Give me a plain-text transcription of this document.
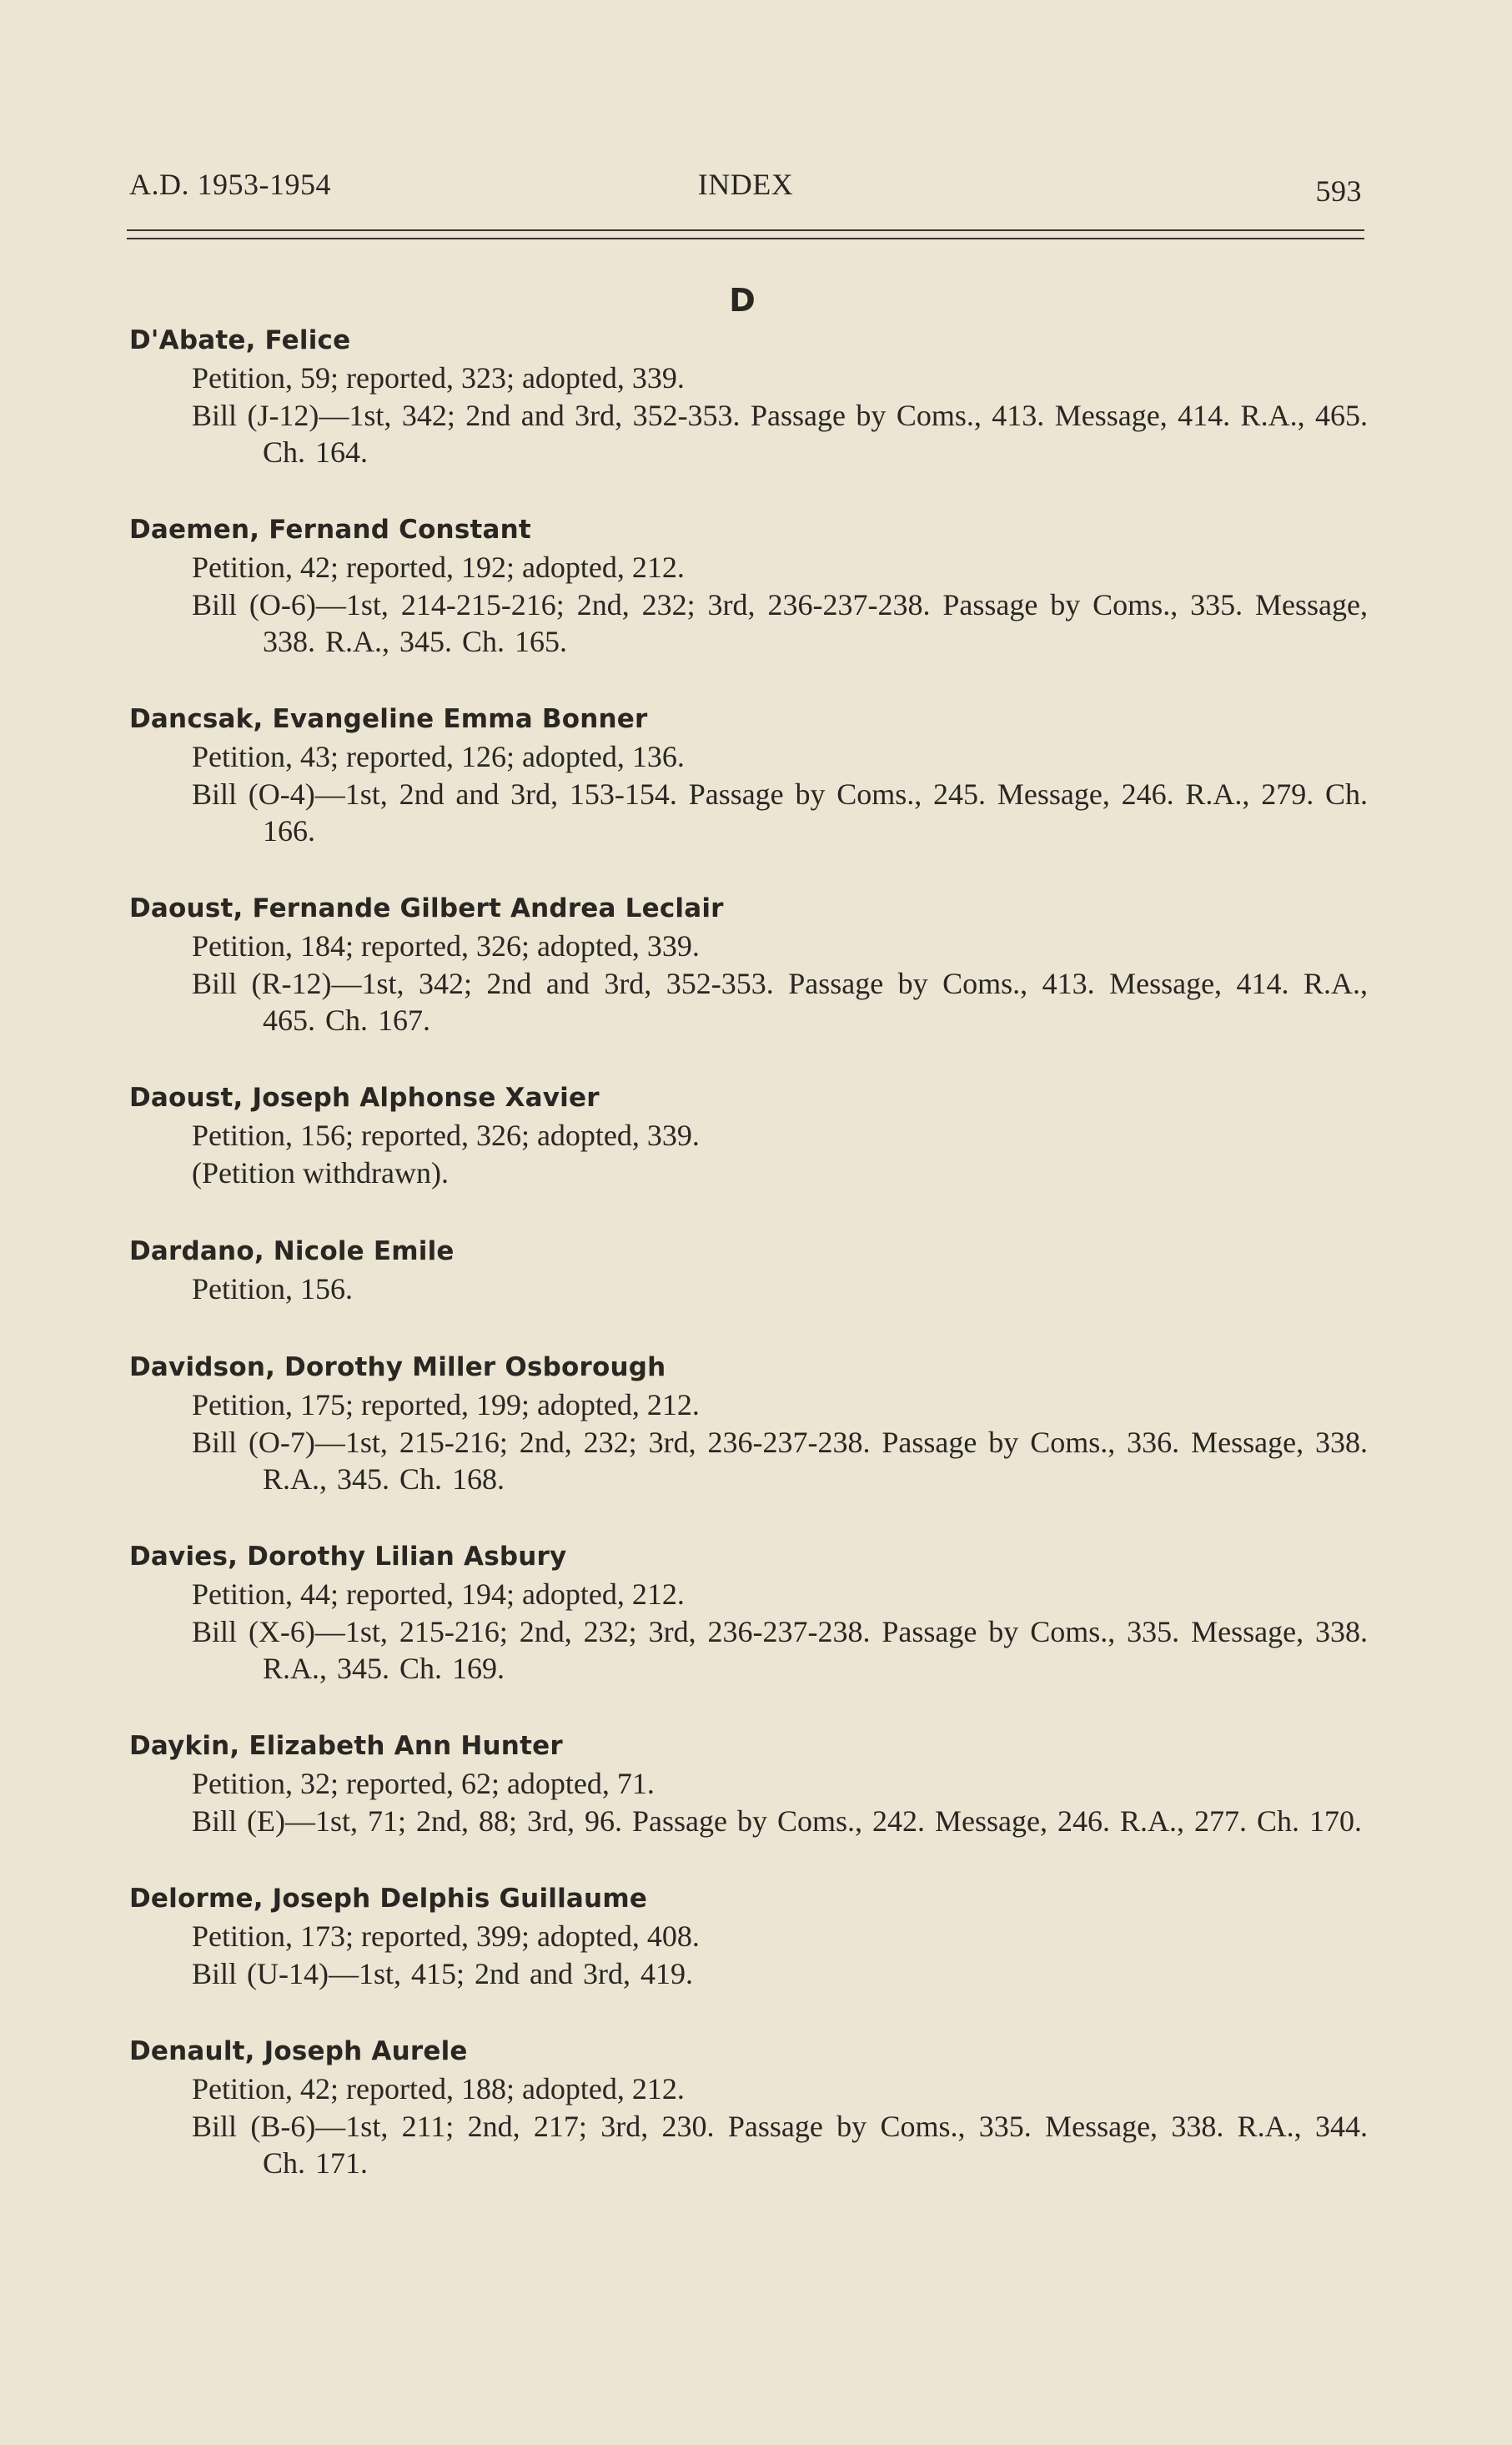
A.D. 1953-1954	INDEX	593
D
D'Abate, Felice
Petition, 59; reported, 323; adopted, 339.
Bill (J-12)—1st, 342; 2nd and 3rd, 352-353. Passage by Coms., 413. Message, 414. R.A., 465. Ch. 164.
Daemen, Fernand Constant
Petition, 42; reported, 192; adopted, 212.
Bill (O-6)—1st, 214-215-216; 2nd, 232; 3rd, 236-237-238. Passage by Coms., 335. Message, 338. R.A., 345. Ch. 165.
Dancsak, Evangeline Emma Bonner
Petition, 43; reported, 126; adopted, 136.
Bill (O-4)—1st, 2nd and 3rd, 153-154. Passage by Coms., 245. Message, 246. R.A., 279. Ch. 166.
Daoust, Fernande Gilbert Andrea Leclair
Petition, 184; reported, 326; adopted, 339.
Bill (R-12)—1st, 342; 2nd and 3rd, 352-353. Passage by Coms., 413. Message, 414. R.A., 465. Ch. 167.
Daoust, Joseph Alphonse Xavier
Petition, 156; reported, 326; adopted, 339.
(Petition withdrawn).
Dardano, Nicole Emile
Petition, 156.
Davidson, Dorothy Miller Osborough
Petition, 175; reported, 199; adopted, 212.
Bill (O-7)—1st, 215-216; 2nd, 232; 3rd, 236-237-238. Passage by Coms., 336. Message, 338. R.A., 345. Ch. 168.
Davies, Dorothy Lilian Asbury
Petition, 44; reported, 194; adopted, 212.
Bill (X-6)—1st, 215-216; 2nd, 232; 3rd, 236-237-238. Passage by Coms., 335. Message, 338. R.A., 345. Ch. 169.
Daykin, Elizabeth Ann Hunter
Petition, 32; reported, 62; adopted, 71.
Bill (E)—1st, 71; 2nd, 88; 3rd, 96. Passage by Coms., 242. Message, 246. R.A., 277. Ch. 170.
Delorme, Joseph Delphis Guillaume
Petition, 173; reported, 399; adopted, 408.
Bill (U-14)—1st, 415; 2nd and 3rd, 419.
Denault, Joseph Aurele
Petition, 42; reported, 188; adopted, 212.
Bill (B-6)—1st, 211; 2nd, 217; 3rd, 230. Passage by Coms., 335. Message, 338. R.A., 344. Ch. 171.
